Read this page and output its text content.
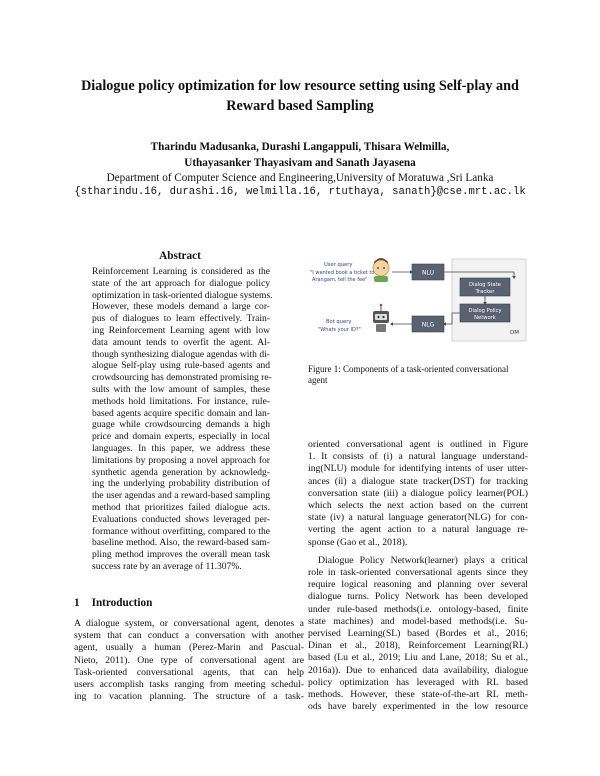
Dialogue policy optimization for low resource setting using Self-play and
Reward based Sampling
Tharindu Madusanka, Durashi Langappuli, Thisara Welmilla,
Uthayasanker Thayasivam and Sanath Jayasena
Department of Computer Science and Engineering,University of Moratuwa ,Sri Lanka
{stharindu.16, durashi.16, welmilla.16, rtuthaya, sanath}@cse.mrt.ac.lk
Abstract
Reinforcement Learning is considered as the
state of the art approach for dialogue policy
optimization in task-oriented dialogue systems.
However, these models demand a large cor-
pus of dialogues to learn effectively. Train-
ing Reinforcement Learning agent with low
data amount tends to overfit the agent. Al-
though synthesizing dialogue agendas with di-
alogue Self-play using rule-based agents and
crowdsourcing has demonstrated promising re-
sults with the low amount of samples, these
methods hold limitations. For instance, rule-
based agents acquire specific domain and lan-
guage while crowdsourcing demands a high
price and domain experts, especially in local
languages. In this paper, we address these
limitations by proposing a novel approach for
synthetic agenda generation by acknowledg-
ing the underlying probability distribution of
the user agendas and a reward-based sampling
method that prioritizes failed dialogue acts.
Evaluations conducted shows leveraged per-
formance without overfitting, compared to the
baseline method. Also, the reward-based sam-
pling method improves the overall mean task
success rate by an average of 11.307%.
User query
"I wanted book a ticket to
Arangam, tell the fee"
Bot query
"Whats your ID?"	DM
NLU
NLG
Dialog State
Tracker
Dialog Policy
Network
Figure 1: Components of a task-oriented conversational
agent
oriented conversational agent is outlined in Figure
1. It consists of (i) a natural language understand-
ing(NLU) module for identifying intents of user utter-
ances (ii) a dialogue state tracker(DST) for tracking
conversation state (iii) a dialogue policy learner(POL)
which selects the next action based on the current
state (iv) a natural language generator(NLG) for con-
verting the agent action to a natural language re-
sponse (Gao et al., 2018).
Dialogue Policy Network(learner) plays a critical
role in task-oriented conversational agents since they
require logical reasoning and planning over several
dialogue turns. Policy Network has been developed
under rule-based methods(i.e. ontology-based, finite
state machines) and model-based methods(i.e. Su-
pervised Learning(SL) based (Bordes et al., 2016;
Dinan et al., 2018), Reinforcement Learning(RL)
based (Lu et al., 2019; Liu and Lane, 2018; Su et al.,
2016a)). Due to enhanced data availability, dialogue
policy optimization has leveraged with RL based
methods. However, these state-of-the-art RL meth-
ods have barely experimented in the low resource
1 Introduction
A dialogue system, or conversational agent, denotes a
system that can conduct a conversation with another
agent, usually a human (Perez-Marin and Pascual-
Nieto, 2011). One type of conversational agent are
Task-oriented conversational agents, that can help
users accomplish tasks ranging from meeting schedul-
ing to vacation planning. The structure of a task-
